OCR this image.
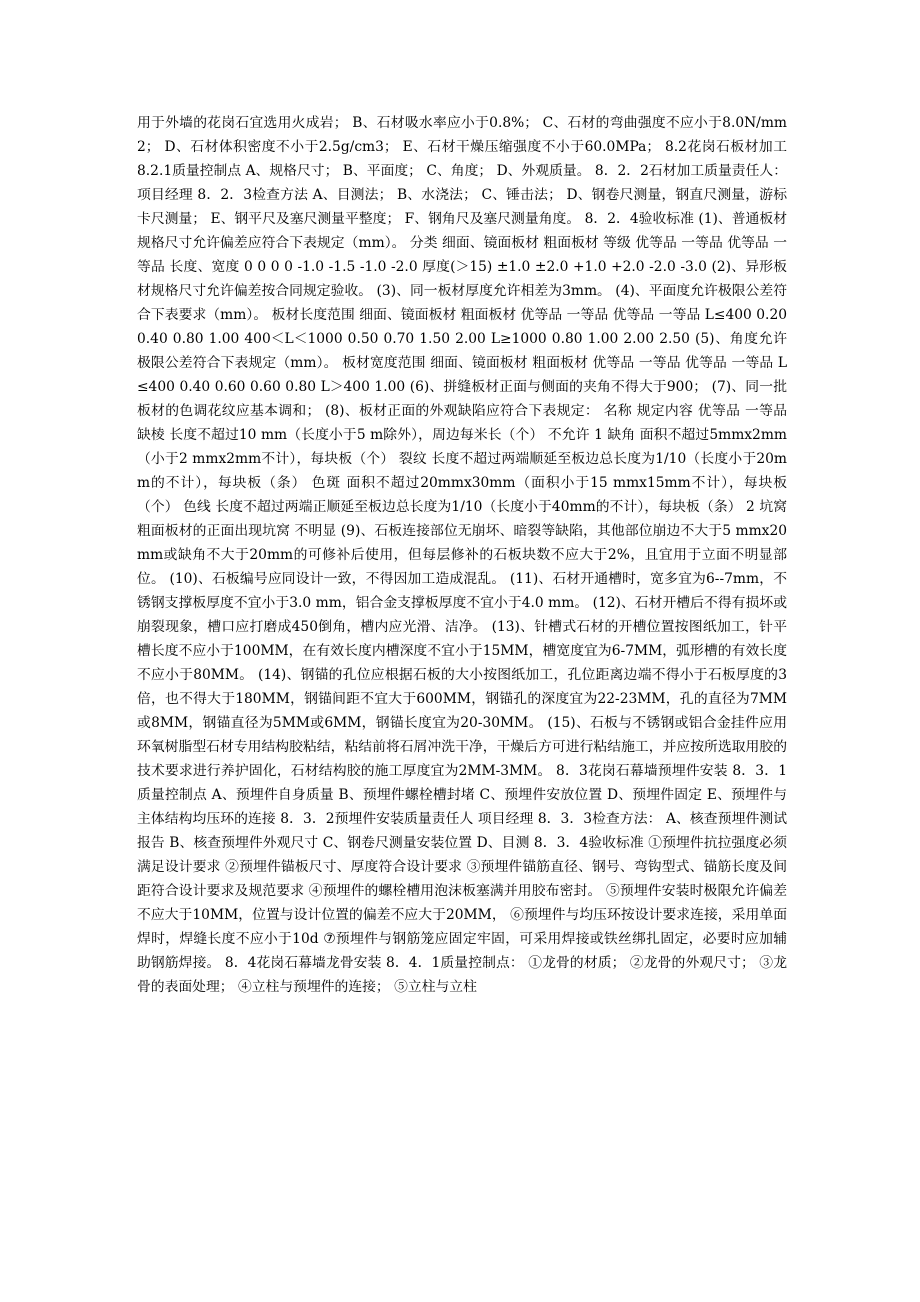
用于外墙的花岗石宜选用火成岩； B、石材吸水率应小于0.8%； C、石材的弯曲强度不应小于8.0N/mm2； D、石材体积密度不小于2.5g/cm3； E、石材干燥压缩强度不小于60.0MPa； 8.2花岗石板材加工 8.2.1质量控制点 A、规格尺寸； B、平面度； C、角度； D、外观质量。 8．2．2石材加工质量责任人：项目经理 8．2．3检查方法 A、目测法； B、水浇法； C、锤击法； D、钢卷尺测量，钢直尺测量，游标卡尺测量； E、钢平尺及塞尺测量平整度； F、钢角尺及塞尺测量角度。 8．2．4验收标准 (1)、普通板材规格尺寸允许偏差应符合下表规定（mm）。 分类 细面、镜面板材 粗面板材 等级 优等品 一等品 优等品 一等品 长度、宽度 0 0 0 0 -1.0 -1.5 -1.0 -2.0 厚度(＞15) ±1.0 ±2.0 +1.0 +2.0 -2.0 -3.0 (2)、异形板材规格尺寸允许偏差按合同规定验收。 (3)、同一板材厚度允许相差为3mm。 (4)、平面度允许极限公差符合下表要求（mm）。 板材长度范围 细面、镜面板材 粗面板材 优等品 一等品 优等品 一等品 L≤400 0.20 0.40 0.80 1.00 400＜L＜1000 0.50 0.70 1.50 2.00 L≥1000 0.80 1.00 2.00 2.50 (5)、角度允许极限公差符合下表规定（mm）。 板材宽度范围 细面、镜面板材 粗面板材 优等品 一等品 优等品 一等品 L≤400 0.40 0.60 0.60 0.80 L＞400 1.00 (6)、拼缝板材正面与侧面的夹角不得大于900； (7)、同一批板材的色调花纹应基本调和； (8)、板材正面的外观缺陷应符合下表规定： 名称 规定内容 优等品 一等品 缺棱 长度不超过10 mm（长度小于5 m除外），周边每米长（个） 不允许 1 缺角 面积不超过5mmx2mm（小于2 mmx2mm不计），每块板（个） 裂纹 长度不超过两端顺延至板边总长度为1/10（长度小于20mm的不计），每块板（条） 色斑 面积不超过20mmx30mm（面积小于15 mmx15mm不计），每块板（个） 色线 长度不超过两端正顺延至板边总长度为1/10（长度小于40mm的不计），每块板（条） 2 坑窝 粗面板材的正面出现坑窝 不明显 (9)、石板连接部位无崩坏、暗裂等缺陷，其他部位崩边不大于5 mmx20mm或缺角不大于20mm的可修补后使用，但每层修补的石板块数不应大于2%，且宜用于立面不明显部位。 (10)、石板编号应同设计一致，不得因加工造成混乱。 (11)、石材开通槽时，宽多宜为6--7mm，不锈钢支撑板厚度不宜小于3.0 mm，铝合金支撑板厚度不宜小于4.0 mm。 (12)、石材开槽后不得有损坏或崩裂现象，槽口应打磨成450倒角，槽内应光滑、洁净。 (13)、针槽式石材的开槽位置按图纸加工，针平槽长度不应小于100MM，在有效长度内槽深度不宜小于15MM，槽宽度宜为6-7MM，弧形槽的有效长度不应小于80MM。 (14)、钢锚的孔位应根据石板的大小按图纸加工，孔位距离边端不得小于石板厚度的3倍，也不得大于180MM，钢锚间距不宜大于600MM，钢锚孔的深度宜为22-23MM，孔的直径为7MM或8MM，钢锚直径为5MM或6MM，钢锚长度宜为20-30MM。 (15)、石板与不锈钢或铝合金挂件应用环氧树脂型石材专用结构胶粘结，粘结前将石屑冲洗干净，干燥后方可进行粘结施工，并应按所选取用胶的技术要求进行养护固化，石材结构胶的施工厚度宜为2MM-3MM。 8．3花岗石幕墙预埋件安装 8．3．1质量控制点 A、预埋件自身质量 B、预埋件螺栓槽封堵 C、预埋件安放位置 D、预埋件固定 E、预埋件与主体结构均压环的连接 8．3．2预埋件安装质量责任人 项目经理 8．3．3检查方法： A、核查预埋件测试报告 B、核查预埋件外观尺寸 C、钢卷尺测量安装位置 D、目测 8．3．4验收标准 ①预埋件抗拉强度必须满足设计要求 ②预埋件锚板尺寸、厚度符合设计要求 ③预埋件锚筋直径、钢号、弯钩型式、锚筋长度及间距符合设计要求及规范要求 ④预埋件的螺栓槽用泡沫板塞满并用胶布密封。 ⑤预埋件安装时极限允许偏差不应大于10MM，位置与设计位置的偏差不应大于20MM， ⑥预埋件与均压环按设计要求连接，采用单面焊时，焊缝长度不应小于10d ⑦预埋件与钢筋笼应固定牢固，可采用焊接或铁丝绑扎固定，必要时应加辅助钢筋焊接。 8．4花岗石幕墙龙骨安装 8．4．1质量控制点： ①龙骨的材质； ②龙骨的外观尺寸； ③龙骨的表面处理； ④立柱与预埋件的连接； ⑤立柱与立柱
